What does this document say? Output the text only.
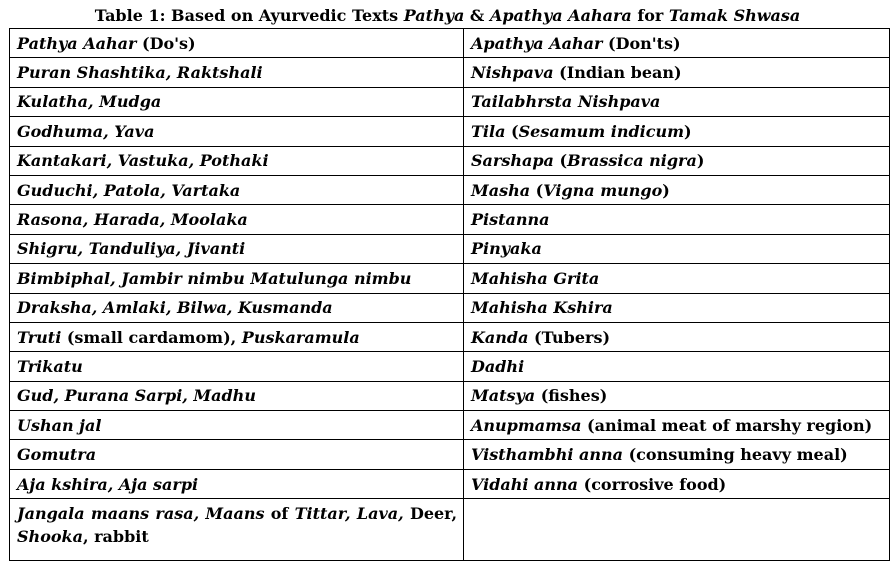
Table 1: Based on Ayurvedic Texts Pathya & Apathya Aahara for Tamak Shwasa
Pathya Aahar (Do's)	Apathya Aahar (Don'ts)
Puran Shashtika, Raktshali	Nishpava (Indian bean)
Kulatha, Mudga	Tailabhrsta Nishpava
Godhuma, Yava	Tila (Sesamum indicum)
Kantakari, Vastuka, Pothaki	Sarshapa (Brassica nigra)
Guduchi, Patola, Vartaka	Masha (Vigna mungo)
Rasona, Harada, Moolaka	Pistanna
Shigru, Tanduliya, Jivanti	Pinyaka
Bimbiphal, Jambir nimbu Matulunga nimbu	Mahisha Grita
Draksha, Amlaki, Bilwa, Kusmanda	Mahisha Kshira
Truti (small cardamom), Puskaramula	Kanda (Tubers)
Trikatu	Dadhi
Gud, Purana Sarpi, Madhu	Matsya (fishes)
Ushan jal	Anupmamsa (animal meat of marshy region)
Gomutra	Visthambhi anna (consuming heavy meal)
Aja kshira, Aja sarpi	Vidahi anna (corrosive food)
Jangala maans rasa, Maans of Tittar, Lava, Deer, Shooka, rabbit	
